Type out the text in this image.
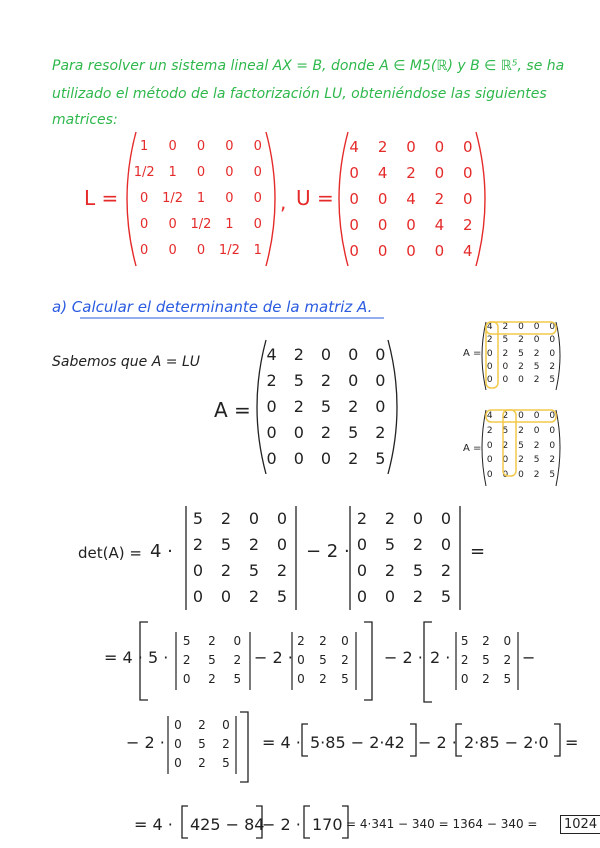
Para resolver un sistema lineal AX = B, donde A ∈ M5(ℝ) y B ∈ ℝ⁵, se ha
utilizado el método de la factorización LU, obteniéndose las siguientes
matrices:
L =
1	0	0	0	0
1/2	1	0	0	0
0	1/2	1	0	0
0	0	1/2	1	0
0	0	0	1/2	1
, U =
4	2	0	0	0
0	4	2	0	0
0	0	4	2	0
0	0	0	4	2
0	0	0	0	4
a) Calcular el determinante de la matriz A.
Sabemos que A = LU
A =
4	2	0	0	0
2	5	2	0	0
0	2	5	2	0
0	0	2	5	2
0	0	0	2	5
A =
4	2	0	0	0
2	5	2	0	0
0	2	5	2	0
0	0	2	5	2
0	0	0	2	5
A =
4	2	0	0	0
2	5	2	0	0
0	2	5	2	0
0	0	2	5	2
0	0	0	2	5
det(A) = 4 ·
5	2	0	0
2	5	2	0
0	2	5	2
0	0	2	5
− 2 ·
2	2	0	0
0	5	2	0
0	2	5	2
0	0	2	5
=
= 4 · 5 ·
5	2	0
2	5	2
0	2	5
− 2 ·
2	2	0
0	5	2
0	2	5
− 2 · 2 ·
5	2	0
2	5	2
0	2	5
−
− 2 ·
0	2	0
0	5	2
0	2	5
= 4 · 5·85 − 2·42 − 2 · 2·85 − 2·0 =
= 4 · 425 − 84
− 2 · 170 = 4·341 − 340 = 1364 − 340 =	1024
